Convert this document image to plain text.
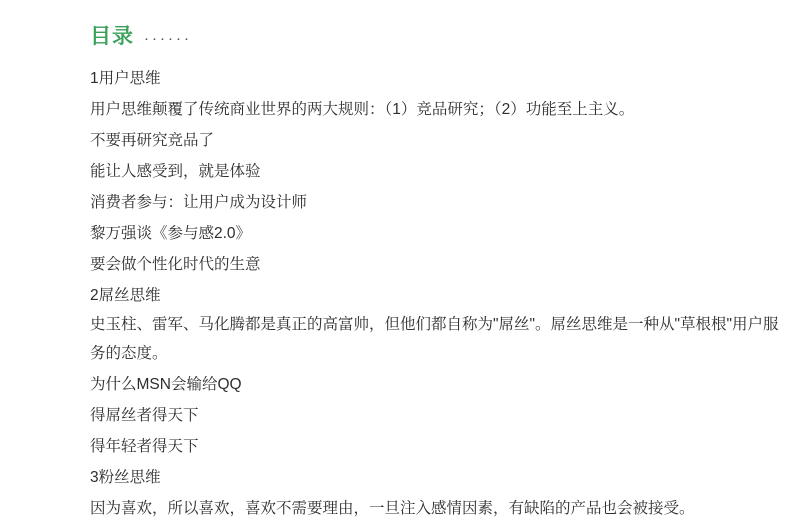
目录 ······
1用户思维
用户思维颠覆了传统商业世界的两大规则：（1）竞品研究；（2）功能至上主义。
不要再研究竞品了
能让人感受到，就是体验
消费者参与：让用户成为设计师
黎万强谈《参与感2.0》
要会做个性化时代的生意
2屌丝思维
史玉柱、雷军、马化腾都是真正的高富帅，但他们都自称为"屌丝"。屌丝思维是一种从"草根根"用户服务的态度。
为什么MSN会输给QQ
得屌丝者得天下
得年轻者得天下
3粉丝思维
因为喜欢，所以喜欢，喜欢不需要理由，一旦注入感情因素，有缺陷的产品也会被接受。
